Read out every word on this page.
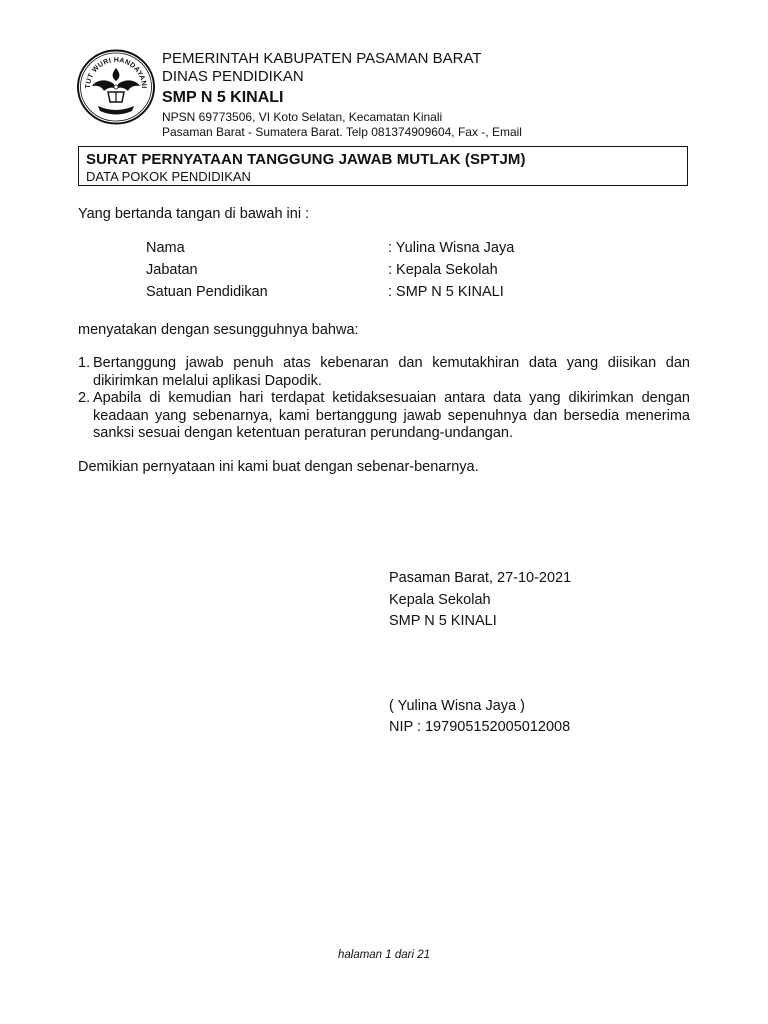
TUT WURI HANDAYANI
PEMERINTAH KABUPATEN PASAMAN BARAT
DINAS PENDIDIKAN
SMP N 5 KINALI
NPSN 69773506, VI Koto Selatan, Kecamatan Kinali
Pasaman Barat - Sumatera Barat. Telp 081374909604, Fax -, Email
SURAT PERNYATAAN TANGGUNG JAWAB MUTLAK (SPTJM)
DATA POKOK PENDIDIKAN
Yang bertanda tangan di bawah ini :
Nama	: Yulina Wisna Jaya
Jabatan	: Kepala Sekolah
Satuan Pendidikan	: SMP N 5 KINALI
menyatakan dengan sesungguhnya bahwa:
1. Bertanggung jawab penuh atas kebenaran dan kemutakhiran data yang diisikan dan dikirimkan melalui aplikasi Dapodik.
2. Apabila di kemudian hari terdapat ketidaksesuaian antara data yang dikirimkan dengan keadaan yang sebenarnya, kami bertanggung jawab sepenuhnya dan bersedia menerima sanksi sesuai dengan ketentuan peraturan perundang-undangan.
Demikian pernyataan ini kami buat dengan sebenar-benarnya.
Pasaman Barat, 27-10-2021
Kepala Sekolah
SMP N 5 KINALI
( Yulina Wisna Jaya )
NIP : 197905152005012008
halaman 1 dari 21
